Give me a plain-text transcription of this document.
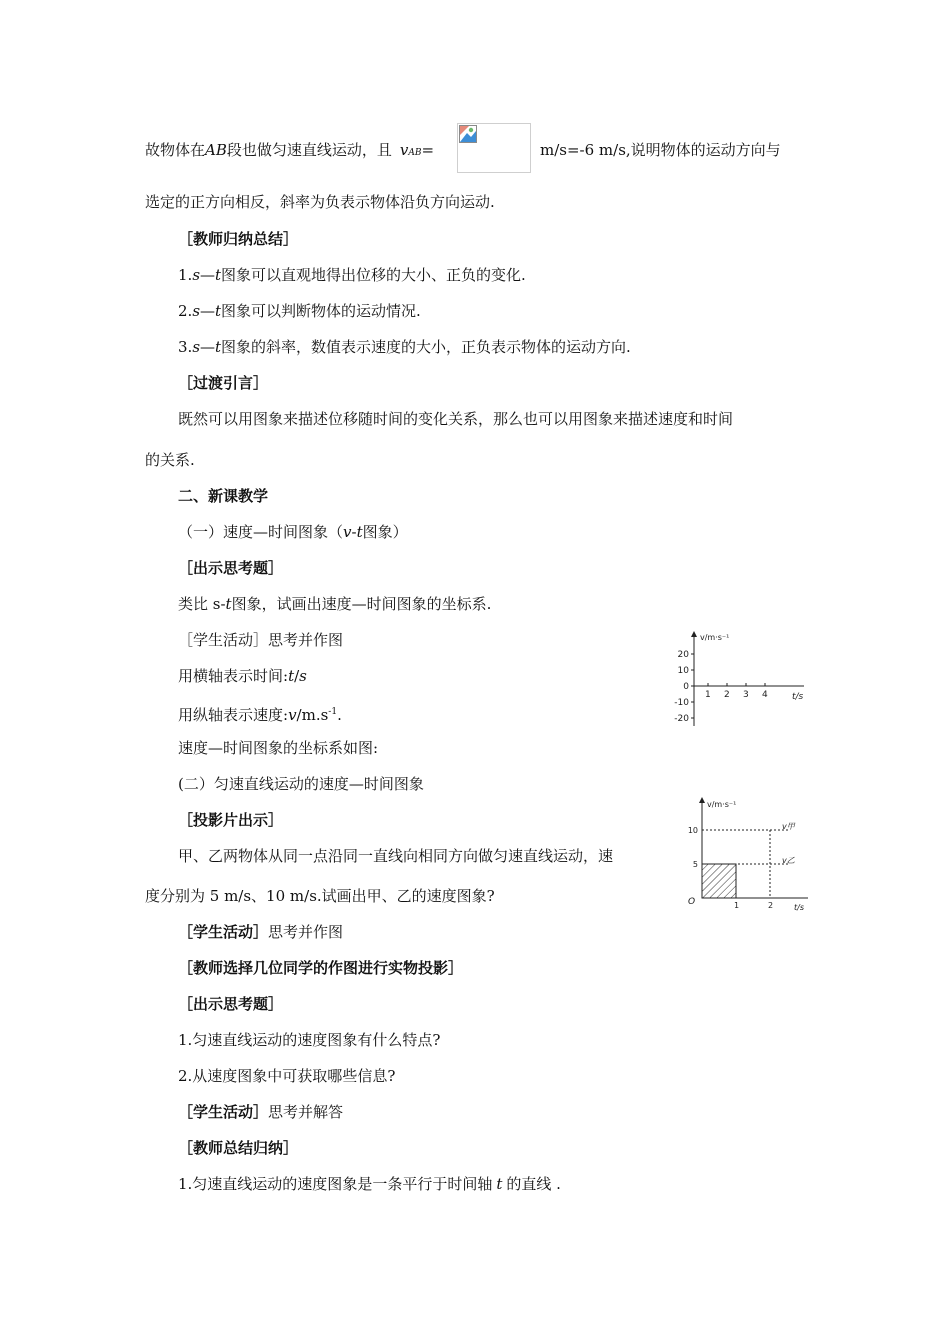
故物体在AB段也做匀速直线运动，且 vAB=	m/s=-6 m/s,说明物体的运动方向与
选定的正方向相反，斜率为负表示物体沿负方向运动.
［教师归纳总结］
1.s—t图象可以直观地得出位移的大小、正负的变化.
2.s—t图象可以判断物体的运动情况.
3.s—t图象的斜率，数值表示速度的大小，正负表示物体的运动方向.
［过渡引言］
既然可以用图象来描述位移随时间的变化关系，那么也可以用图象来描述速度和时间
的关系.
二、新课教学
（一）速度—时间图象（v-t图象）
［出示思考题］
类比 s-t图象，试画出速度—时间图象的坐标系.
［学生活动］思考并作图
用横轴表示时间:t/s
用纵轴表示速度$:v/m.s^{-1}$.
速度—时间图象的坐标系如图:
(二）匀速直线运动的速度—时间图象
［投影片出示］
甲、乙两物体从同一点沿同一直线向相同方向做匀速直线运动，速
度分别为 5 m/s、10 m/s.试画出甲、乙的速度图象?
［学生活动］思考并作图
［教师选择几位同学的作图进行实物投影］
［出示思考题］
1.匀速直线运动的速度图象有什么特点?
2.从速度图象中可获取哪些信息?
［学生活动］思考并解答
［教师总结归纳］
1.匀速直线运动的速度图象是一条平行于时间轴 t 的直线 .
v/m·s⁻¹
t/s
1 2 3 4
20
10
0
-10
-20
v/m·s⁻¹
t/s
O
v甲
v乙
1	2
10
5
